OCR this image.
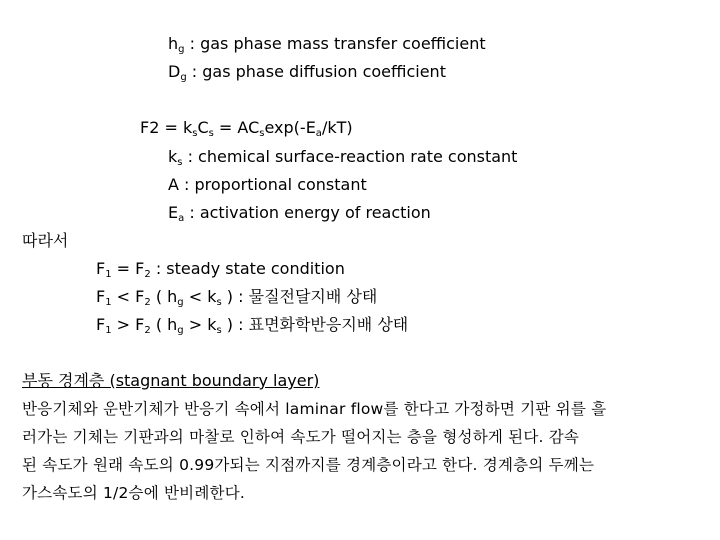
$h_g$ : gas phase mass transfer coefficient
$D_g$ : gas phase diffusion coefficient
$F2 = k_sC_s = AC_s\exp(-E_a/kT)$
$k_s$ : chemical surface-reaction rate constant
A : proportional constant
$E_a$ : activation energy of reaction
따라서
$F_1 = F_2$ : steady state condition
$F_1 < F_2$ ( $h_g < k_s$ ) : 물질전달지배 상태
$F_1 > F_2$ ( $h_g > k_s$ ) : 표면화학반응지배 상태
부동 경계층 (stagnant boundary layer)
반응기체와 운반기체가 반응기 속에서 laminar flow를 한다고 가정하면 기판 위를 흘
러가는 기체는 기판과의 마찰로 인하여 속도가 떨어지는 층을 형성하게 된다. 감속
된 속도가 원래 속도의 0.99가되는 지점까지를 경계층이라고 한다. 경계층의 두께는
가스속도의 1/2승에 반비례한다.
